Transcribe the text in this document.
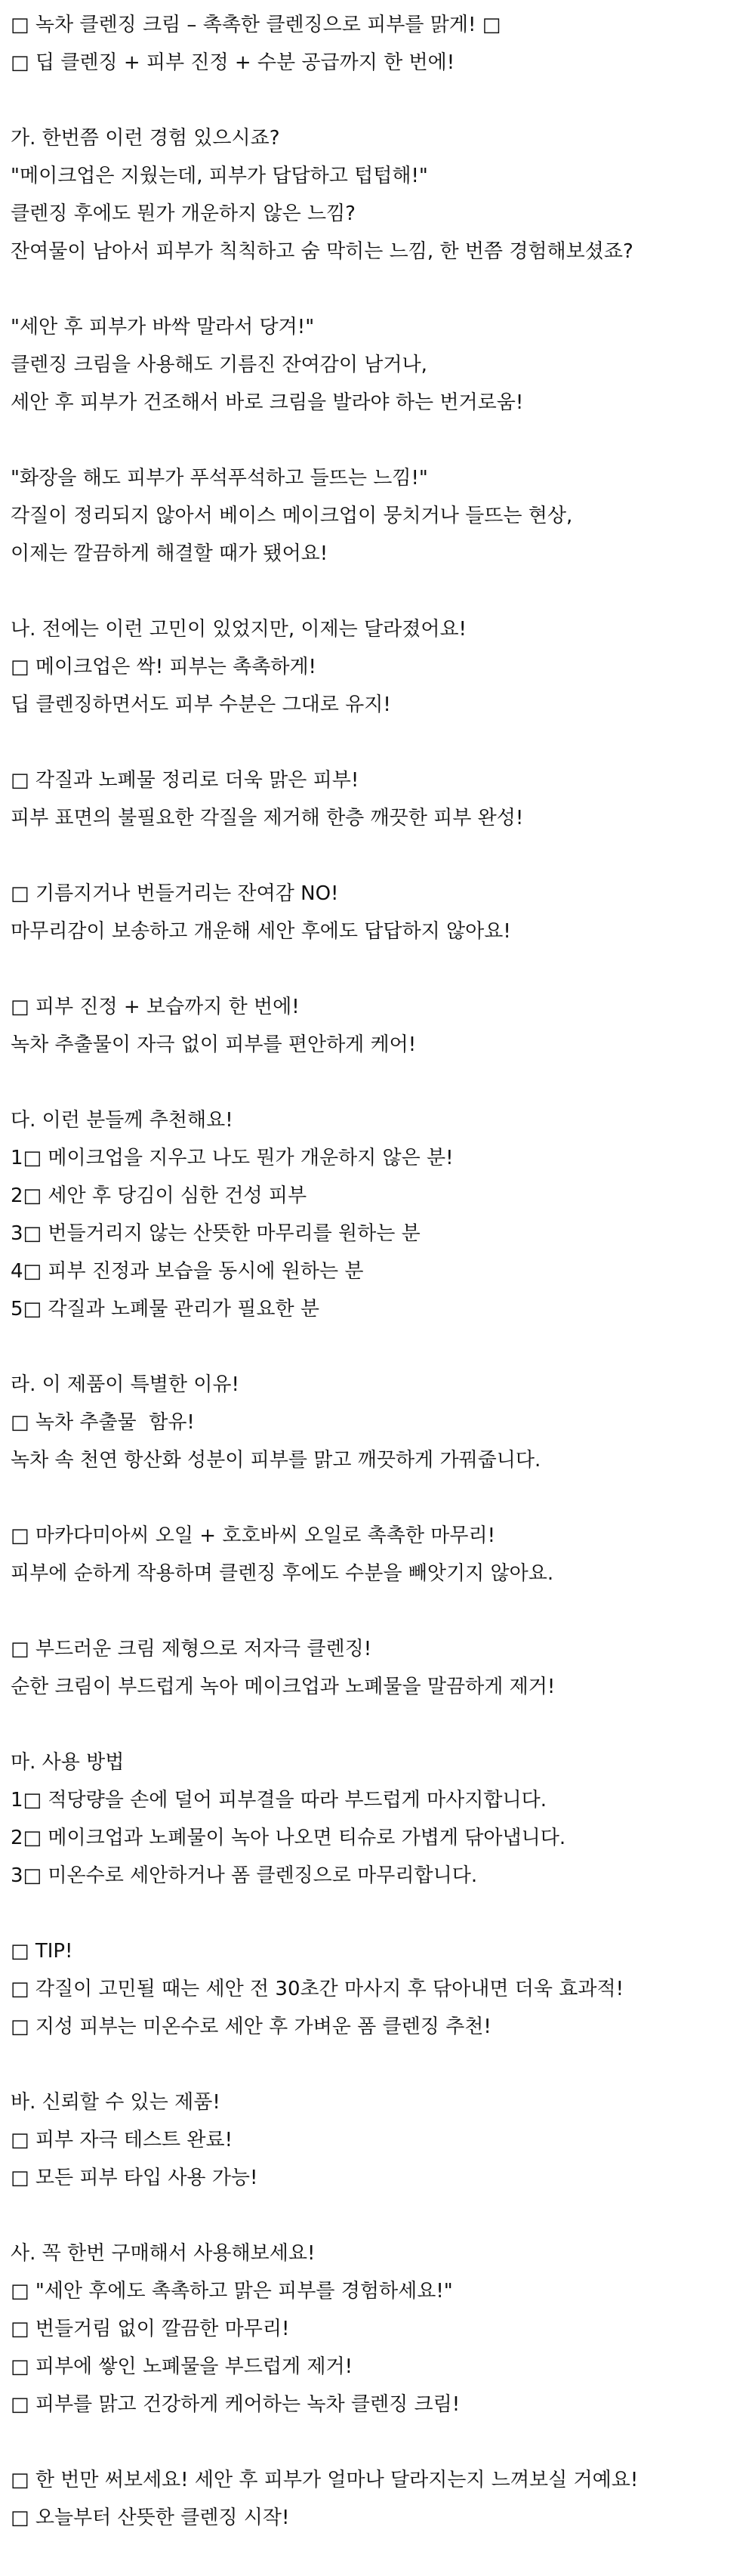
□ 녹차 클렌징 크림 – 촉촉한 클렌징으로 피부를 맑게! □
□ 딥 클렌징 + 피부 진정 + 수분 공급까지 한 번에!
가. 한번쯤 이런 경험 있으시죠?
"메이크업은 지웠는데, 피부가 답답하고 텁텁해!"
클렌징 후에도 뭔가 개운하지 않은 느낌?
잔여물이 남아서 피부가 칙칙하고 숨 막히는 느낌, 한 번쯤 경험해보셨죠?
"세안 후 피부가 바싹 말라서 당겨!"
클렌징 크림을 사용해도 기름진 잔여감이 남거나,
세안 후 피부가 건조해서 바로 크림을 발라야 하는 번거로움!
"화장을 해도 피부가 푸석푸석하고 들뜨는 느낌!"
각질이 정리되지 않아서 베이스 메이크업이 뭉치거나 들뜨는 현상,
이제는 깔끔하게 해결할 때가 됐어요!
나. 전에는 이런 고민이 있었지만, 이제는 달라졌어요!
□ 메이크업은 싹! 피부는 촉촉하게!
딥 클렌징하면서도 피부 수분은 그대로 유지!
□ 각질과 노폐물 정리로 더욱 맑은 피부!
피부 표면의 불필요한 각질을 제거해 한층 깨끗한 피부 완성!
□ 기름지거나 번들거리는 잔여감 NO!
마무리감이 보송하고 개운해 세안 후에도 답답하지 않아요!
□ 피부 진정 + 보습까지 한 번에!
녹차 추출물이 자극 없이 피부를 편안하게 케어!
다. 이런 분들께 추천해요!
1□ 메이크업을 지우고 나도 뭔가 개운하지 않은 분!
2□ 세안 후 당김이 심한 건성 피부
3□ 번들거리지 않는 산뜻한 마무리를 원하는 분
4□ 피부 진정과 보습을 동시에 원하는 분
5□ 각질과 노폐물 관리가 필요한 분
라. 이 제품이 특별한 이유!
□ 녹차 추출물  함유!
녹차 속 천연 항산화 성분이 피부를 맑고 깨끗하게 가꿔줍니다.
□ 마카다미아씨 오일 + 호호바씨 오일로 촉촉한 마무리!
피부에 순하게 작용하며 클렌징 후에도 수분을 빼앗기지 않아요.
□ 부드러운 크림 제형으로 저자극 클렌징!
순한 크림이 부드럽게 녹아 메이크업과 노폐물을 말끔하게 제거!
마. 사용 방법
1□ 적당량을 손에 덜어 피부결을 따라 부드럽게 마사지합니다.
2□ 메이크업과 노폐물이 녹아 나오면 티슈로 가볍게 닦아냅니다.
3□ 미온수로 세안하거나 폼 클렌징으로 마무리합니다.
□ TIP!
□ 각질이 고민될 때는 세안 전 30초간 마사지 후 닦아내면 더욱 효과적!
□ 지성 피부는 미온수로 세안 후 가벼운 폼 클렌징 추천!
바. 신뢰할 수 있는 제품!
□ 피부 자극 테스트 완료!
□ 모든 피부 타입 사용 가능!
사. 꼭 한번 구매해서 사용해보세요!
□ "세안 후에도 촉촉하고 맑은 피부를 경험하세요!"
□ 번들거림 없이 깔끔한 마무리!
□ 피부에 쌓인 노폐물을 부드럽게 제거!
□ 피부를 맑고 건강하게 케어하는 녹차 클렌징 크림!
□ 한 번만 써보세요! 세안 후 피부가 얼마나 달라지는지 느껴보실 거예요!
□ 오늘부터 산뜻한 클렌징 시작!
